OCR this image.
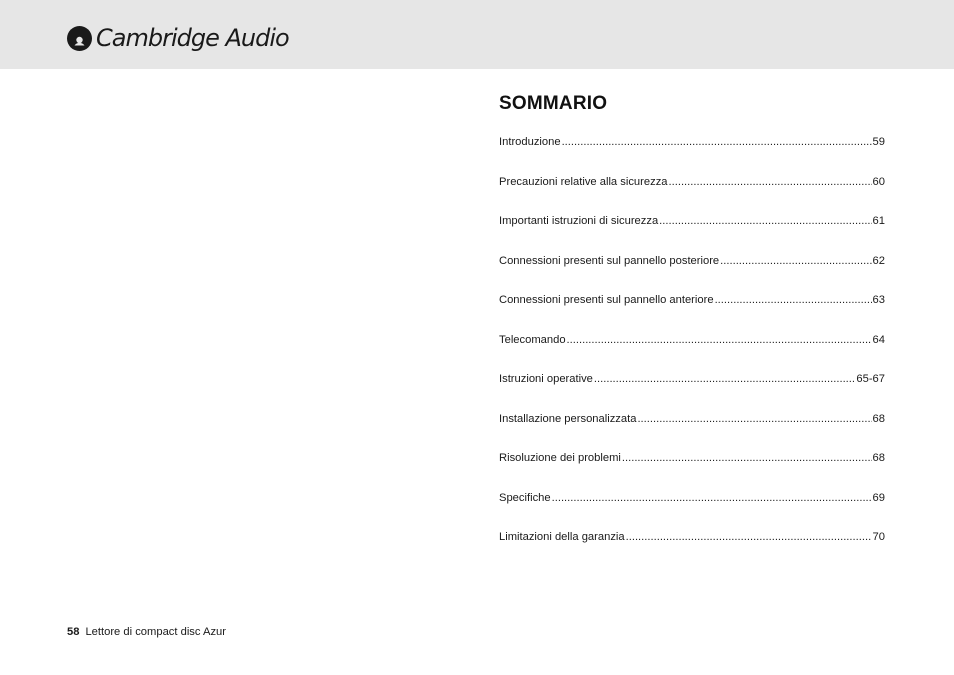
Cambridge Audio
SOMMARIO
Introduzione .....	59
Precauzioni relative alla sicurezza .....	60
Importanti istruzioni di sicurezza .....	61
Connessioni presenti sul pannello posteriore .....	62
Connessioni presenti sul pannello anteriore .....	63
Telecomando .....	64
Istruzioni operative .....	65-67
Installazione personalizzata .....	68
Risoluzione dei problemi .....	68
Specifiche .....	69
Limitazioni della garanzia .....	70
58 Lettore di compact disc Azur
